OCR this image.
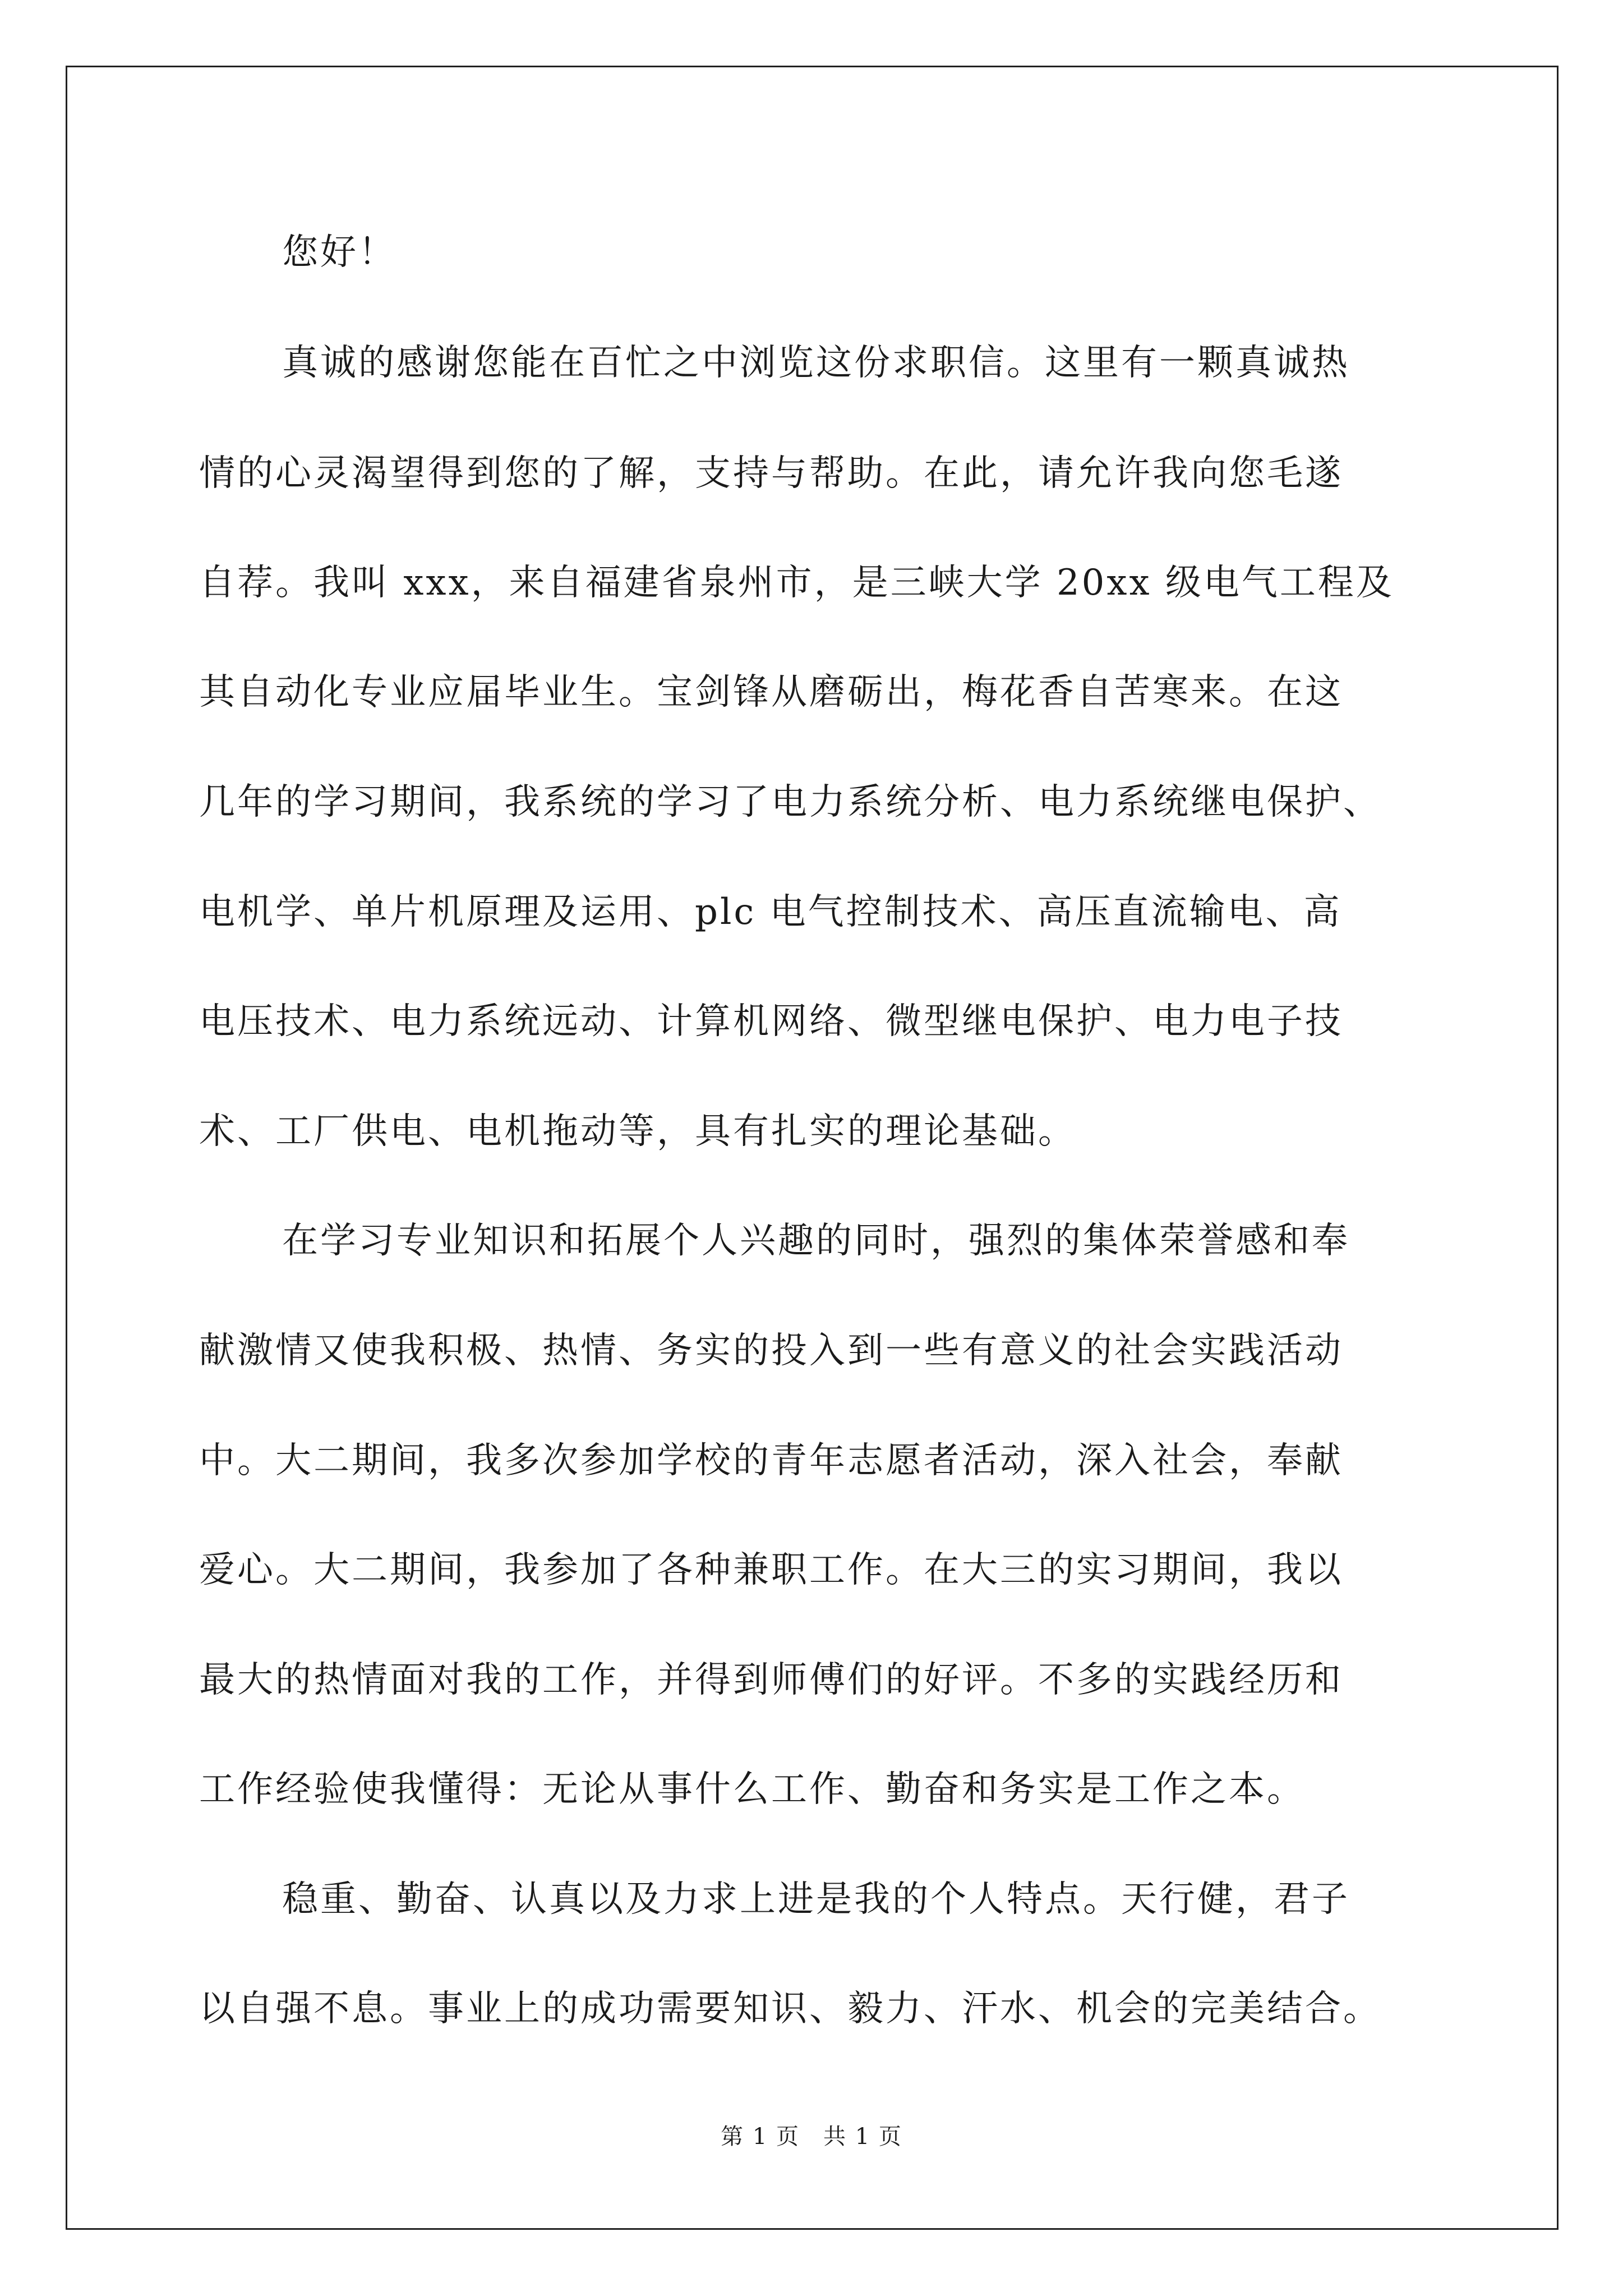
您好！
真诚的感谢您能在百忙之中浏览这份求职信。这里有一颗真诚热
情的心灵渴望得到您的了解，支持与帮助。在此，请允许我向您毛遂
自荐。我叫 xxx，来自福建省泉州市，是三峡大学 20xx 级电气工程及
其自动化专业应届毕业生。宝剑锋从磨砺出，梅花香自苦寒来。在这
几年的学习期间，我系统的学习了电力系统分析、电力系统继电保护、
电机学、单片机原理及运用、plc 电气控制技术、高压直流输电、高
电压技术、电力系统远动、计算机网络、微型继电保护、电力电子技
术、工厂供电、电机拖动等，具有扎实的理论基础。
在学习专业知识和拓展个人兴趣的同时，强烈的集体荣誉感和奉
献激情又使我积极、热情、务实的投入到一些有意义的社会实践活动
中。大二期间，我多次参加学校的青年志愿者活动，深入社会，奉献
爱心。大二期间，我参加了各种兼职工作。在大三的实习期间，我以
最大的热情面对我的工作，并得到师傅们的好评。不多的实践经历和
工作经验使我懂得：无论从事什么工作、勤奋和务实是工作之本。
稳重、勤奋、认真以及力求上进是我的个人特点。天行健，君子
以自强不息。事业上的成功需要知识、毅力、汗水、机会的完美结合。
第 1 页　共 1 页
